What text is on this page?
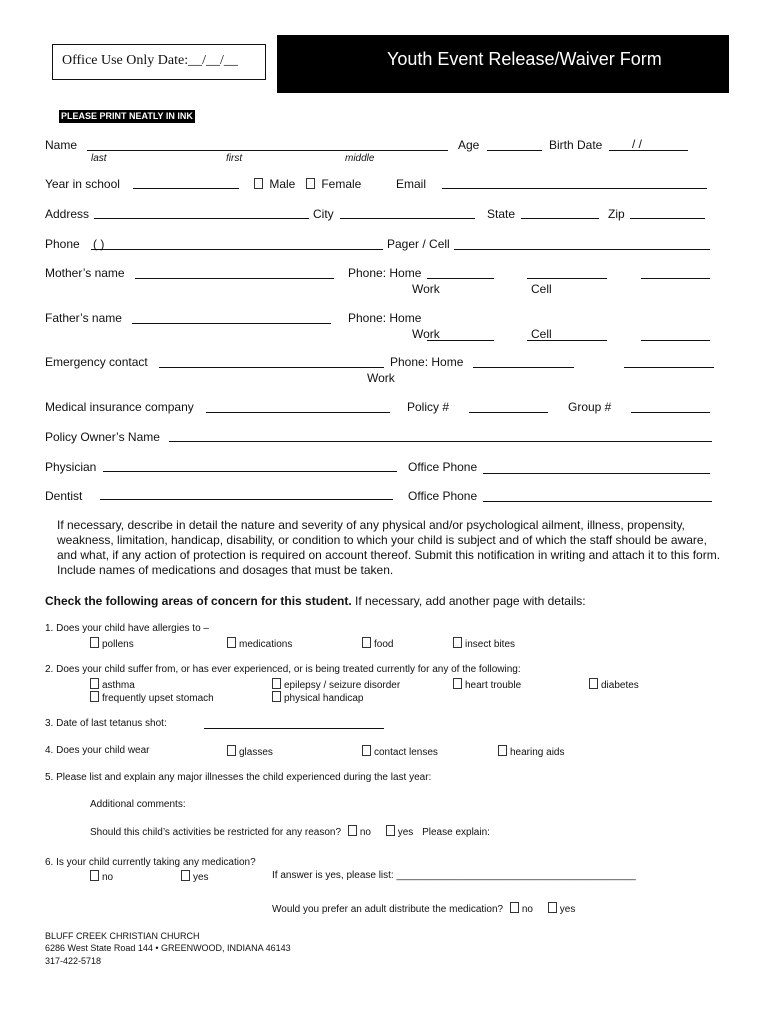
Office Use Only Date:__/__/__	Youth Event Release/Waiver Form
PLEASE PRINT NEATLY IN INK
Name
last	first	middle
Age	Birth Date / /
Year in school	Male	Female	Email
Address	City	State	Zip
Phone ( )	Pager / Cell
Mother’s name	Phone: Home
Work	Cell
Father’s name	Phone: Home
Work	Cell
Emergency contact	Phone: Home
Work
Medical insurance company	Policy #	Group #
Policy Owner’s Name
Physician	Office Phone
Dentist	Office Phone
If necessary, describe in detail the nature and severity of any physical and/or psychological ailment, illness, propensity, weakness, limitation, handicap, disability, or condition to which your child is subject and of which the staff should be aware, and what, if any action of protection is required on account thereof. Submit this notification in writing and attach it to this form. Include names of medications and dosages that must be taken.
Check the following areas of concern for this student. If necessary, add another page with details:
1. Does your child have allergies to –
pollens	medications	food	insect bites
2. Does your child suffer from, or has ever experienced, or is being treated currently for any of the following:
asthma	epilepsy / seizure disorder	heart trouble	diabetes
frequently upset stomach	physical handicap
3. Date of last tetanus shot:
4. Does your child wear	glasses	contact lenses	hearing aids
5. Please list and explain any major illnesses the child experienced during the last year:
Additional comments:
Should this child’s activities be restricted for any reason? no	yes Please explain:
6. Is your child currently taking any medication?
no	yes	If answer is yes, please list: ___________________________________________
Would you prefer an adult distribute the medication? no	yes
BLUFF CREEK CHRISTIAN CHURCH
6286 West State Road 144 • GREENWOOD, INDIANA 46143
317-422-5718
